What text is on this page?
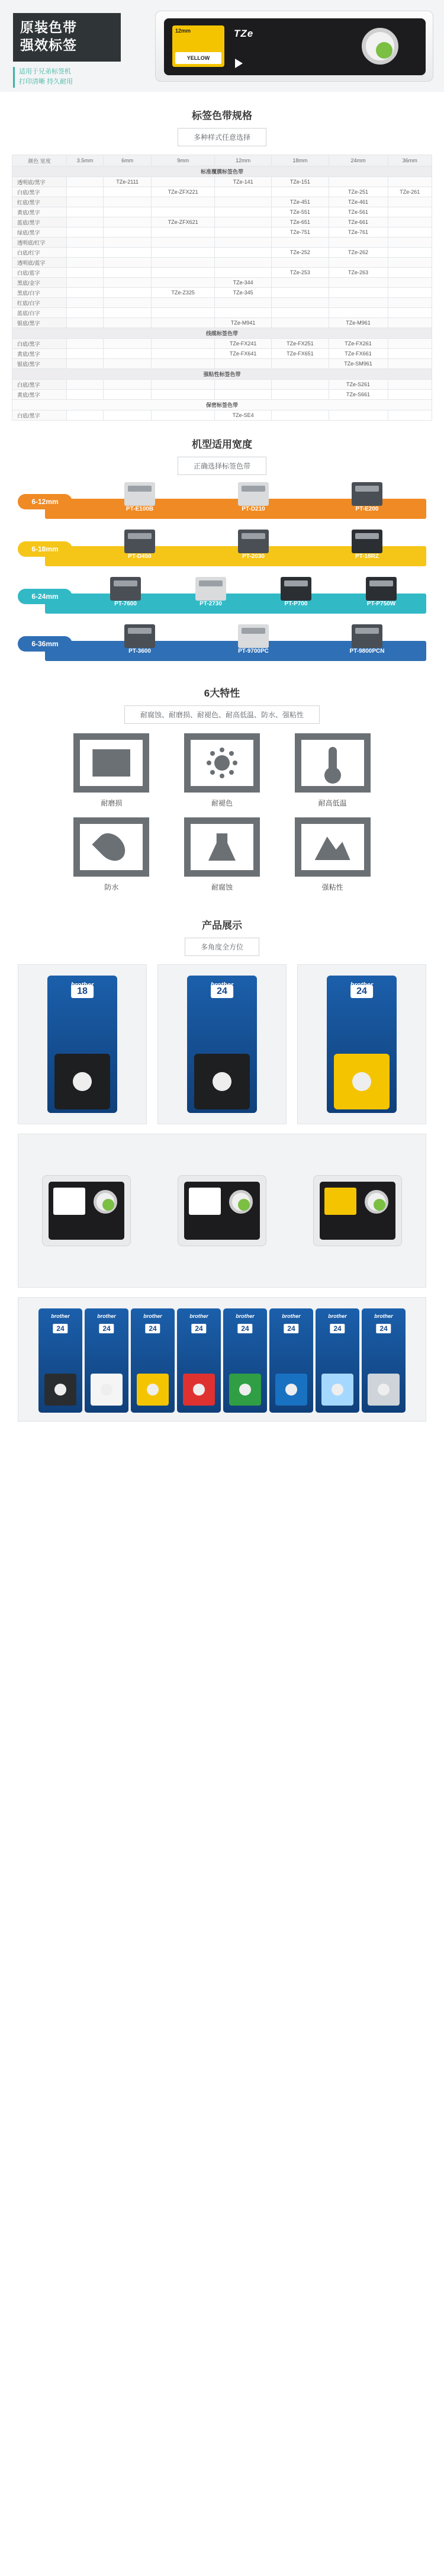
原装色带
强效标签
适用于兄弟标签机
打印清晰 持久耐用
12mm
YELLOW
TZe
标签色带规格
多种样式任意选择
颜色 宽度	3.5mm	6mm	9mm	12mm	18mm	24mm	36mm
标准覆膜标签色带							
透明底/黑字		TZe-2111		TZe-141	TZe-151		
白底/黑字			TZe-ZFX221			TZe-251	TZe-261
红底/黑字					TZe-451	TZe-461	
黄底/黑字					TZe-551	TZe-561	
蓝底/黑字			TZe-ZFX621		TZe-651	TZe-661	
绿底/黑字					TZe-751	TZe-761	
透明底/红字							
白底/红字					TZe-252	TZe-262	
透明底/蓝字							
白底/蓝字					TZe-253	TZe-263	
黑底/金字				TZe-344			
黑底/白字			TZe-Z325	TZe-345			
红底/白字							
蓝底/白字							
银底/黑字				TZe-M941		TZe-M961	
线缆标签色带							
白底/黑字				TZe-FX241	TZe-FX251	TZe-FX261	
黄底/黑字				TZe-FX641	TZe-FX651	TZe-FX661	
银底/黑字						TZe-SM961	
强粘性标签色带							
白底/黑字						TZe-S261	
黄底/黑字						TZe-S661	
保密标签色带							
白底/黑字				TZe-SE4			
机型适用宽度
正确选择标签色带
6-12mm
PT-E100B	PT-D210	PT-E200
6-18mm
PT-D450	PT-2030	PT-18RZ
6-24mm
PT-7600	PT-2730	PT-P700	PT-P750W
6-36mm
PT-3600	PT-9700PC	PT-9800PCN
6大特性
耐腐蚀、耐磨损、耐褪色、耐高低温、防水、强粘性
耐磨损	耐褪色	耐高低温
防水	耐腐蚀	强粘性
产品展示
多角度全方位
18	24	24
brother
24
brother
24
brother
24
brother
24
brother
24
brother
24
brother
24
brother
24
